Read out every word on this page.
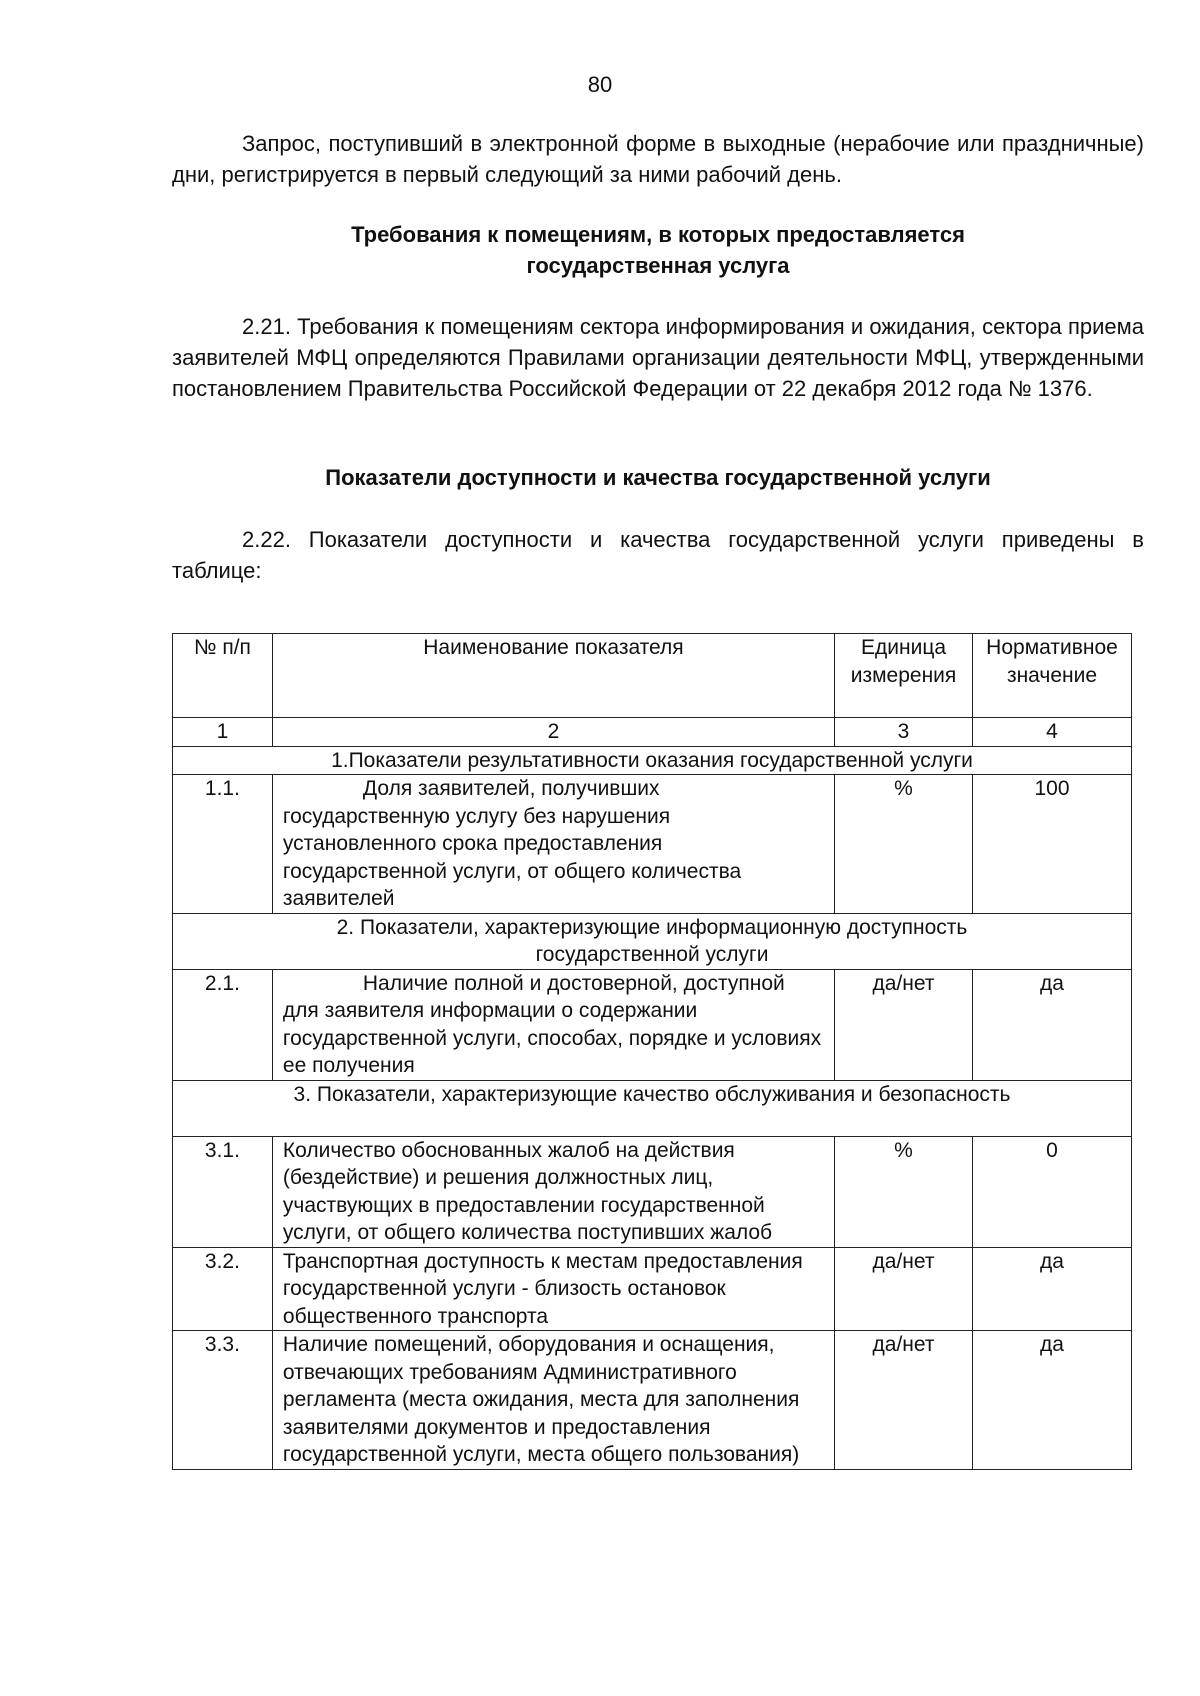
80
Запрос, поступивший в электронной форме в выходные (нерабочие или праздничные) дни, регистрируется в первый следующий за ними рабочий день.
Требования к помещениям, в которых предоставляется
государственная услуга
2.21. Требования к помещениям сектора информирования и ожидания, сектора приема заявителей МФЦ определяются Правилами организации деятельности МФЦ, утвержденными постановлением Правительства Российской Федерации от 22 декабря 2012 года № 1376.
Показатели доступности и качества государственной услуги
2.22. Показатели доступности и качества государственной услуги приведены в таблице:
№ п/п	Наименование показателя	Единица измерения	Нормативное значение
1	2	3	4
1.Показатели результативности оказания государственной услуги			
1.1.	Доля заявителей, получивших государственную услугу без нарушения установленного срока предоставления государственной услуги, от общего количества заявителей	%	100

2. Показатели, характеризующие информационную доступность
государственной услуги			

2.1.	Наличие полной и достоверной, доступной для заявителя информации о содержании государственной услуги, способах, порядке и условиях ее получения	да/нет	да
3. Показатели, характеризующие качество обслуживания и безопасность			
3.1.	Количество обоснованных жалоб на действия (бездействие) и решения должностных лиц, участвующих в предоставлении государственной услуги, от общего количества поступивших жалоб	%	0
3.2.	Транспортная доступность к местам предоставления государственной услуги - близость остановок общественного транспорта	да/нет	да
3.3.	Наличие помещений, оборудования и оснащения, отвечающих требованиям Административного регламента (места ожидания, места для заполнения заявителями документов и предоставления государственной услуги, места общего пользования)	да/нет	да
